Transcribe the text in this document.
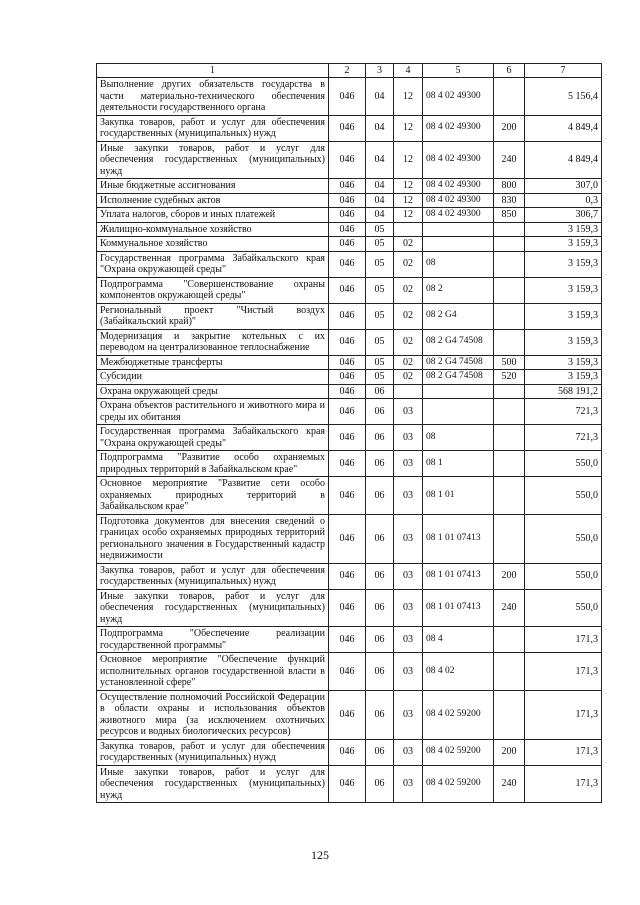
1	2	3	4	5	6	7
Выполнение других обязательств государства в части материально-технического обеспечения деятельности государственного органа	046	04	12	08 4 02 49300		5 156,4
Закупка товаров, работ и услуг для обеспечения государственных (муниципальных) нужд	046	04	12	08 4 02 49300	200	4 849,4
Иные закупки товаров, работ и услуг для обеспечения государственных (муниципальных) нужд	046	04	12	08 4 02 49300	240	4 849,4
Иные бюджетные ассигнования	046	04	12	08 4 02 49300	800	307,0
Исполнение судебных актов	046	04	12	08 4 02 49300	830	0,3
Уплата налогов, сборов и иных платежей	046	04	12	08 4 02 49300	850	306,7
Жилищно-коммунальное хозяйство	046	05				3 159,3
Коммунальное хозяйство	046	05	02			3 159,3
Государственная программа Забайкальского края "Охрана окружающей среды"	046	05	02	08		3 159,3
Подпрограмма "Совершенствование охраны компонентов окружающей среды"	046	05	02	08 2		3 159,3
Региональный проект "Чистый воздух (Забайкальский край)"	046	05	02	08 2 G4		3 159,3
Модернизация и закрытие котельных с их переводом на централизованное теплоснабжение	046	05	02	08 2 G4 74508		3 159,3
Межбюджетные трансферты	046	05	02	08 2 G4 74508	500	3 159,3
Субсидии	046	05	02	08 2 G4 74508	520	3 159,3
Охрана окружающей среды	046	06				568 191,2
Охрана объектов растительного и животного мира и среды их обитания	046	06	03			721,3
Государственная программа Забайкальского края "Охрана окружающей среды"	046	06	03	08		721,3
Подпрограмма "Развитие особо охраняемых природных территорий в Забайкальском крае"	046	06	03	08 1		550,0
Основное мероприятие "Развитие сети особо охраняемых природных территорий в Забайкальском крае"	046	06	03	08 1 01		550,0
Подготовка документов для внесения сведений о границах особо охраняемых природных территорий регионального значения в Государственный кадастр недвижимости	046	06	03	08 1 01 07413		550,0
Закупка товаров, работ и услуг для обеспечения государственных (муниципальных) нужд	046	06	03	08 1 01 07413	200	550,0
Иные закупки товаров, работ и услуг для обеспечения государственных (муниципальных) нужд	046	06	03	08 1 01 07413	240	550,0
Подпрограмма "Обеспечение реализации государственной программы"	046	06	03	08 4		171,3
Основное мероприятие "Обеспечение функций исполнительных органов государственной власти в установленной сфере"	046	06	03	08 4 02		171,3
Осуществление полномочий Российской Федерации в области охраны и использования объектов животного мира (за исключением охотничьих ресурсов и водных биологических ресурсов)	046	06	03	08 4 02 59200		171,3
Закупка товаров, работ и услуг для обеспечения государственных (муниципальных) нужд	046	06	03	08 4 02 59200	200	171,3
Иные закупки товаров, работ и услуг для обеспечения государственных (муниципальных) нужд	046	06	03	08 4 02 59200	240	171,3
125
